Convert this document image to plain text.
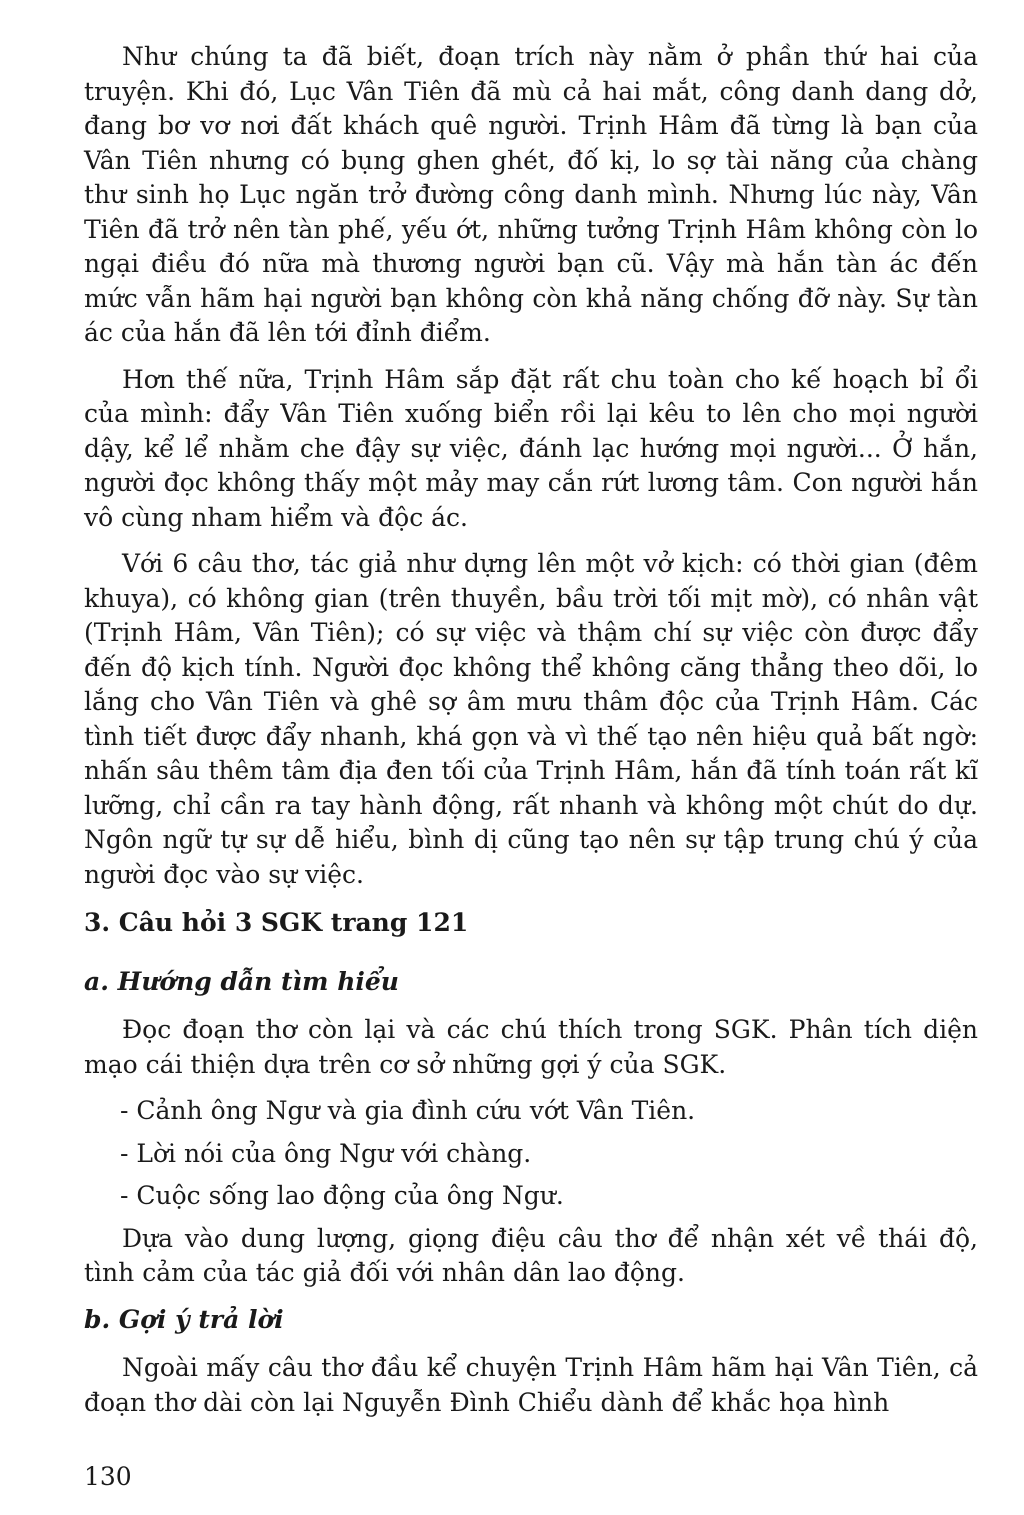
Như chúng ta đã biết, đoạn trích này nằm ở phần thứ hai của truyện. Khi đó, Lục Vân Tiên đã mù cả hai mắt, công danh dang dở, đang bơ vơ nơi đất khách quê người. Trịnh Hâm đã từng là bạn của Vân Tiên nhưng có bụng ghen ghét, đố kị, lo sợ tài năng của chàng thư sinh họ Lục ngăn trở đường công danh mình. Nhưng lúc này, Vân Tiên đã trở nên tàn phế, yếu ớt, những tưởng Trịnh Hâm không còn lo ngại điều đó nữa mà thương người bạn cũ. Vậy mà hắn tàn ác đến mức vẫn hãm hại người bạn không còn khả năng chống đỡ này. Sự tàn ác của hắn đã lên tới đỉnh điểm.

Hơn thế nữa, Trịnh Hâm sắp đặt rất chu toàn cho kế hoạch bỉ ổi của mình: đẩy Vân Tiên xuống biển rồi lại kêu to lên cho mọi người dậy, kể lể nhằm che đậy sự việc, đánh lạc hướng mọi người... Ở hắn, người đọc không thấy một mảy may cắn rứt lương tâm. Con người hắn vô cùng nham hiểm và độc ác.

Với 6 câu thơ, tác giả như dựng lên một vở kịch: có thời gian (đêm khuya), có không gian (trên thuyền, bầu trời tối mịt mờ), có nhân vật (Trịnh Hâm, Vân Tiên); có sự việc và thậm chí sự việc còn được đẩy đến độ kịch tính. Người đọc không thể không căng thẳng theo dõi, lo lắng cho Vân Tiên và ghê sợ âm mưu thâm độc của Trịnh Hâm. Các tình tiết được đẩy nhanh, khá gọn và vì thế tạo nên hiệu quả bất ngờ: nhấn sâu thêm tâm địa đen tối của Trịnh Hâm, hắn đã tính toán rất kĩ lưỡng, chỉ cần ra tay hành động, rất nhanh và không một chút do dự. Ngôn ngữ tự sự dễ hiểu, bình dị cũng tạo nên sự tập trung chú ý của người đọc vào sự việc.

3. Câu hỏi 3 SGK trang 121
a. Hướng dẫn tìm hiểu

Đọc đoạn thơ còn lại và các chú thích trong SGK. Phân tích diện mạo cái thiện dựa trên cơ sở những gợi ý của SGK.

- Cảnh ông Ngư và gia đình cứu vớt Vân Tiên.
- Lời nói của ông Ngư với chàng.
- Cuộc sống lao động của ông Ngư.

Dựa vào dung lượng, giọng điệu câu thơ để nhận xét về thái độ, tình cảm của tác giả đối với nhân dân lao động.

b. Gợi ý trả lời

Ngoài mấy câu thơ đầu kể chuyện Trịnh Hâm hãm hại Vân Tiên, cả đoạn thơ dài còn lại Nguyễn Đình Chiểu dành để khắc họa hình

130
